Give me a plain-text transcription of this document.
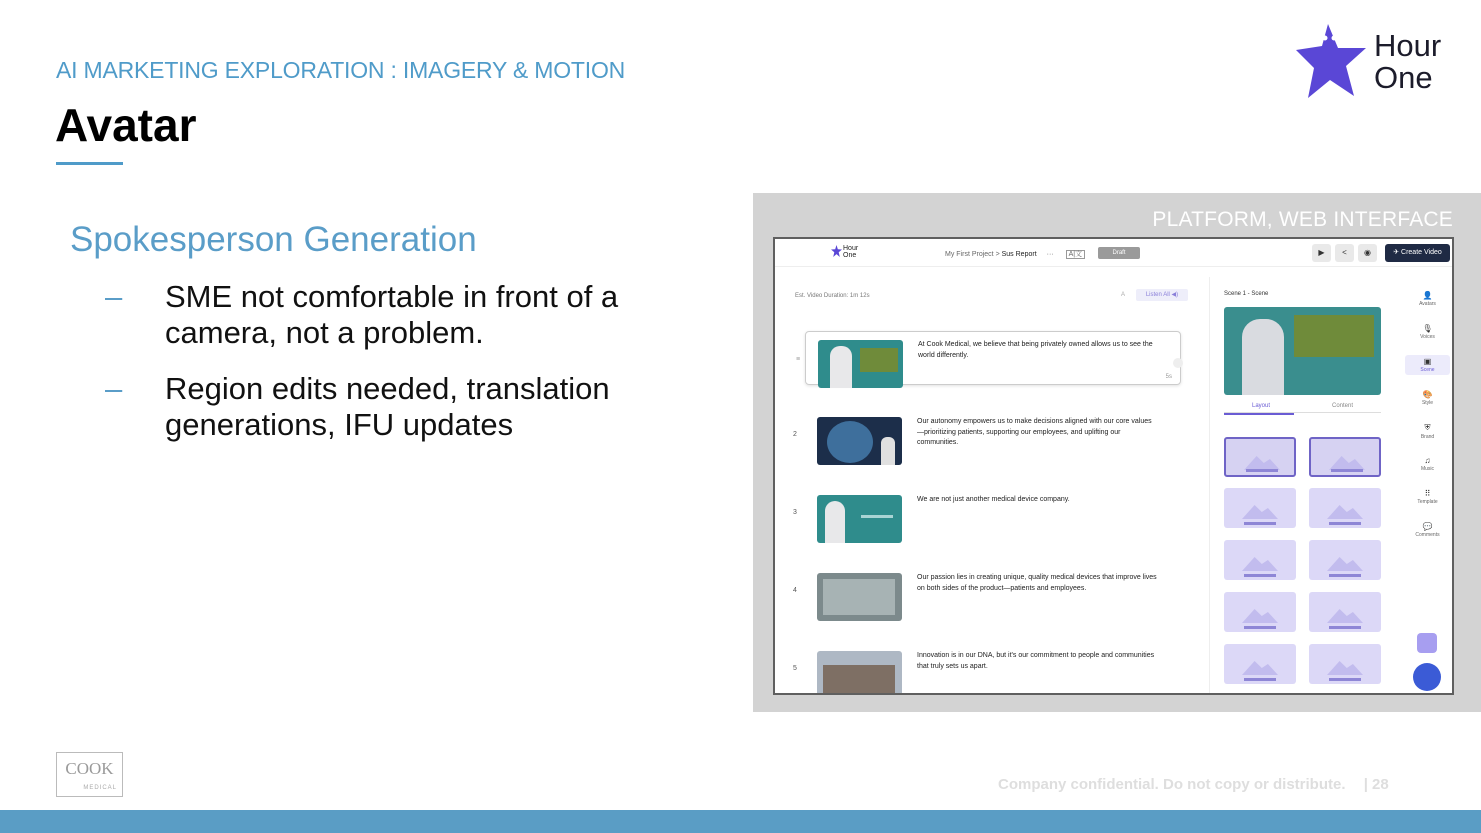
AI MARKETING EXPLORATION : IMAGERY & MOTION
Avatar
Hour
One
Spokesperson Generation
– SME not comfortable in front of a camera, not a problem.
– Region edits needed, translation generations, IFU updates
PLATFORM, WEB INTERFACE
Hour
One	My First Project > Sus Report ··· A|文	Draft	▶	<	◉	✈ Create Video
Est. Video Duration: 1m 12s	A	Listen All ◀)
≡
At Cook Medical, we believe that being privately owned allows us to see the world differently.
5s
2
Our autonomy empowers us to make decisions aligned with our core values—prioritizing patients, supporting our employees, and uplifting our communities.
3
We are not just another medical device company.
4
Our passion lies in creating unique, quality medical devices that improve lives on both sides of the product—patients and employees.
5
Innovation is in our DNA, but it's our commitment to people and communities that truly sets us apart.
Scene 1 - Scene
Layout	Content
👤
Avatars
🎙
Voices
▣
Scene
🎨
Style
⛨
Brand
♫
Music
⠿
Template
💬
Comments
COOK
MEDICAL	Company confidential. Do not copy or distribute. | 28
